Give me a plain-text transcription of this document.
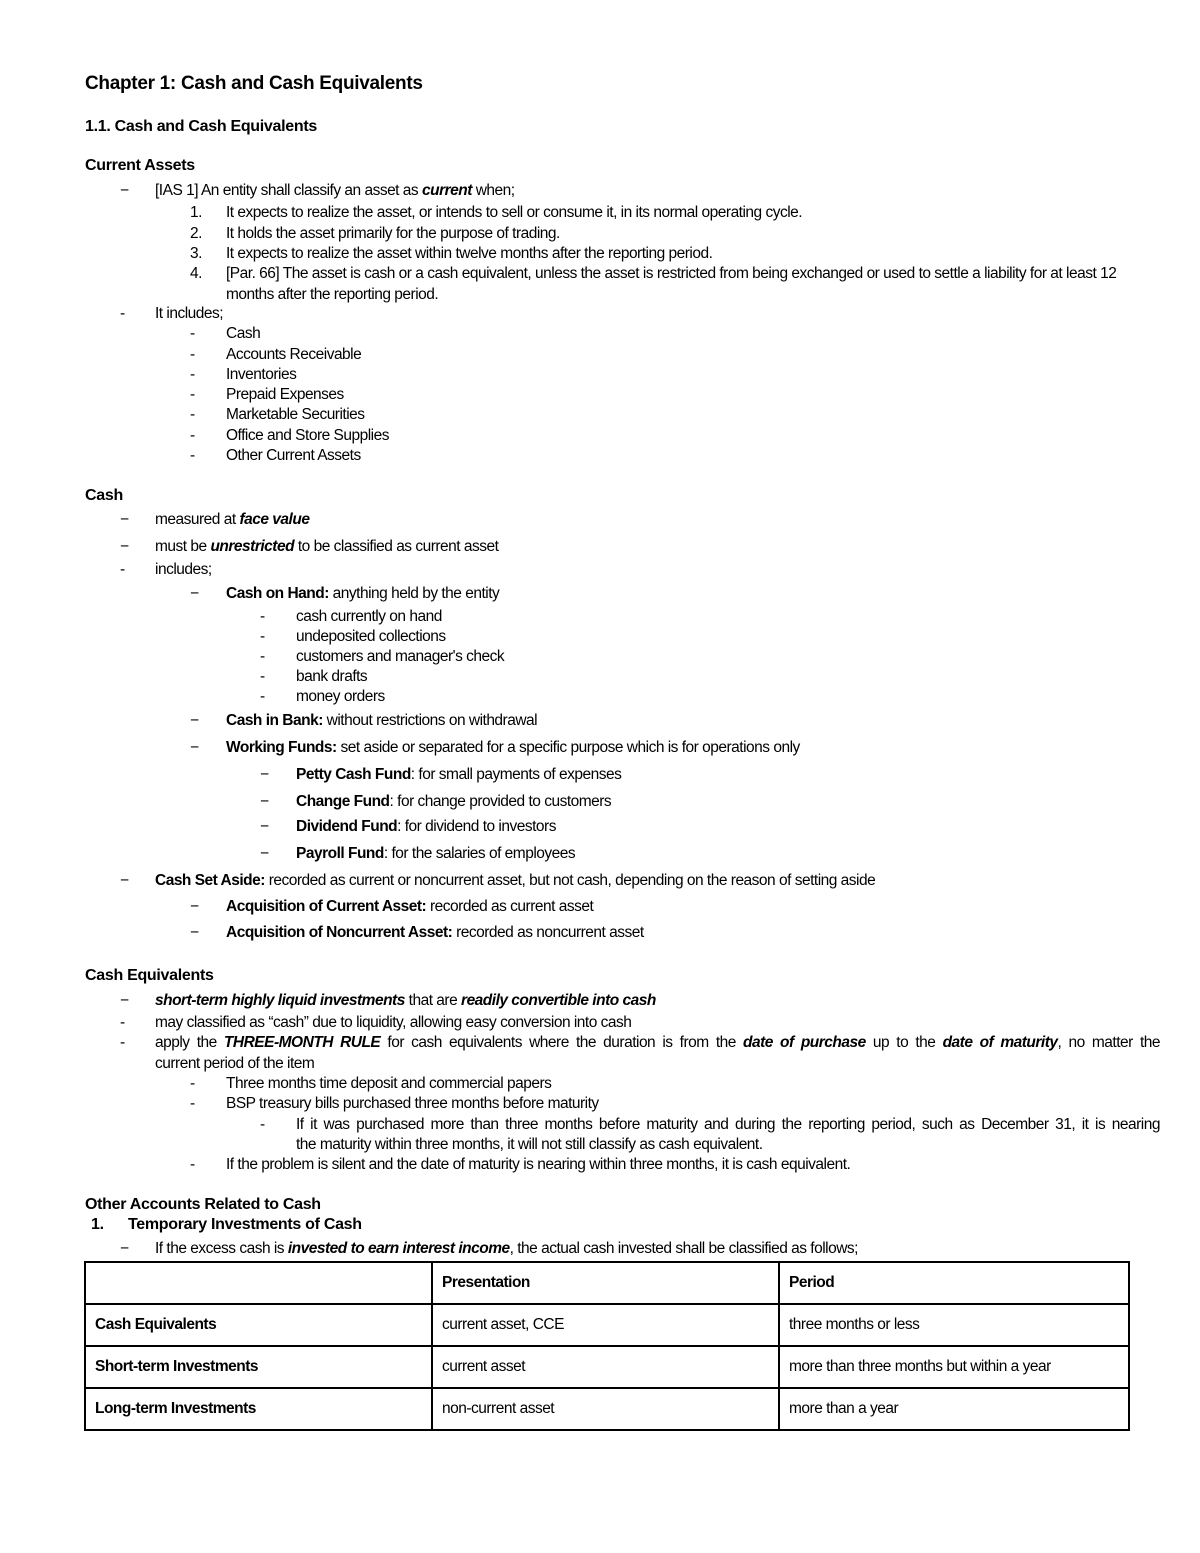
Chapter 1: Cash and Cash Equivalents
1.1. Cash and Cash Equivalents
Current Assets
− [IAS 1] An entity shall classify an asset as current when;
1. It expects to realize the asset, or intends to sell or consume it, in its normal operating cycle.
2. It holds the asset primarily for the purpose of trading.
3. It expects to realize the asset within twelve months after the reporting period.
4. [Par. 66] The asset is cash or a cash equivalent, unless the asset is restricted from being exchanged or used to settle a liability for at least 12
months after the reporting period.
- It includes;
- Cash
- Accounts Receivable
- Inventories
- Prepaid Expenses
- Marketable Securities
- Office and Store Supplies
- Other Current Assets
Cash
− measured at face value
− must be unrestricted to be classified as current asset
- includes;
− Cash on Hand: anything held by the entity
- cash currently on hand
- undeposited collections
- customers and manager's check
- bank drafts
- money orders
− Cash in Bank: without restrictions on withdrawal
− Working Funds: set aside or separated for a specific purpose which is for operations only
− Petty Cash Fund: for small payments of expenses
− Change Fund: for change provided to customers
− Dividend Fund: for dividend to investors
− Payroll Fund: for the salaries of employees
− Cash Set Aside: recorded as current or noncurrent asset, but not cash, depending on the reason of setting aside
− Acquisition of Current Asset: recorded as current asset
− Acquisition of Noncurrent Asset: recorded as noncurrent asset
Cash Equivalents
− short-term highly liquid investments that are readily convertible into cash
- may classified as “cash” due to liquidity, allowing easy conversion into cash
- apply the THREE-MONTH RULE for cash equivalents where the duration is from the date of purchase up to the date of maturity, no matter the
current period of the item
- Three months time deposit and commercial papers
- BSP treasury bills purchased three months before maturity
- If it was purchased more than three months before maturity and during the reporting period, such as December 31, it is nearing
the maturity within three months, it will not still classify as cash equivalent.
- If the problem is silent and the date of maturity is nearing within three months, it is cash equivalent.
Other Accounts Related to Cash
1. Temporary Investments of Cash
− If the excess cash is invested to earn interest income, the actual cash invested shall be classified as follows;
	Presentation	Period
Cash Equivalents	current asset, CCE	three months or less
Short-term Investments	current asset	more than three months but within a year
Long-term Investments	non-current asset	more than a year
